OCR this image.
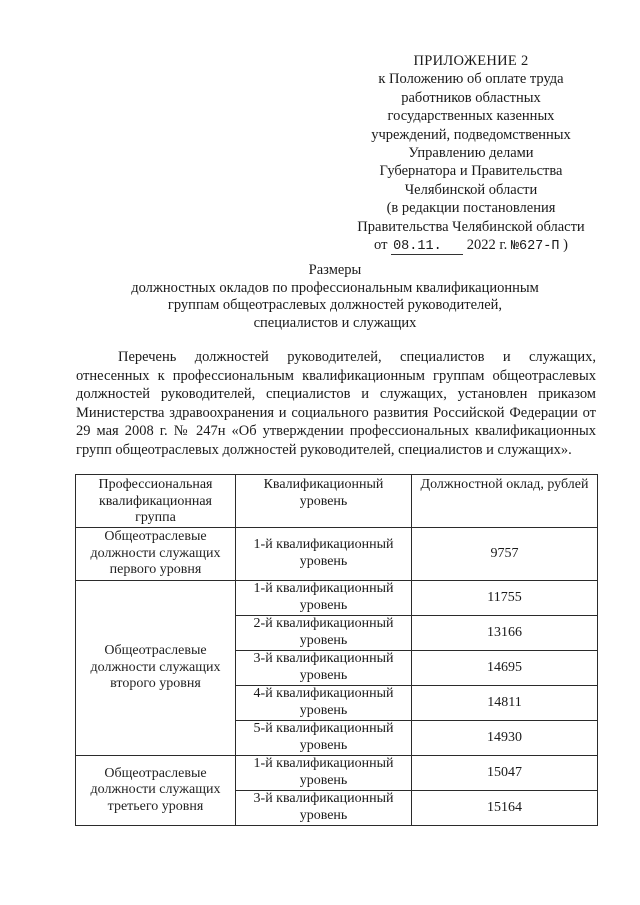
ПРИЛОЖЕНИЕ 2
к Положению об оплате труда
работников областных
государственных казенных
учреждений, подведомственных
Управлению делами
Губернатора и Правительства
Челябинской области
(в редакции постановления
Правительства Челябинской области
от 08.11. 2022 г. №627-П )
Размеры
должностных окладов по профессиональным квалификационным
группам общеотраслевых должностей руководителей,
специалистов и служащих

Перечень должностей руководителей, специалистов и служащих, отнесенных к профессиональным квалификационным группам общеотраслевых должностей руководителей, специалистов и служащих, установлен приказом Министерства здравоохранения и социального развития Российской Федерации от 29 мая 2008 г. № 247н «Об утверждении профессиональных квалификационных групп общеотраслевых должностей руководителей, специалистов и служащих».

Профессиональная квалификационная группа	Квалификационный уровень	Должностной оклад, рублей
Общеотраслевые должности служащих первого уровня	1-й квалификационный уровень	9757
Общеотраслевые должности служащих второго уровня	1-й квалификационный уровень	11755
	2-й квалификационный уровень	13166
	3-й квалификационный уровень	14695
	4-й квалификационный уровень	14811
	5-й квалификационный уровень	14930
Общеотраслевые должности служащих третьего уровня	1-й квалификационный уровень	15047
	3-й квалификационный уровень	15164
